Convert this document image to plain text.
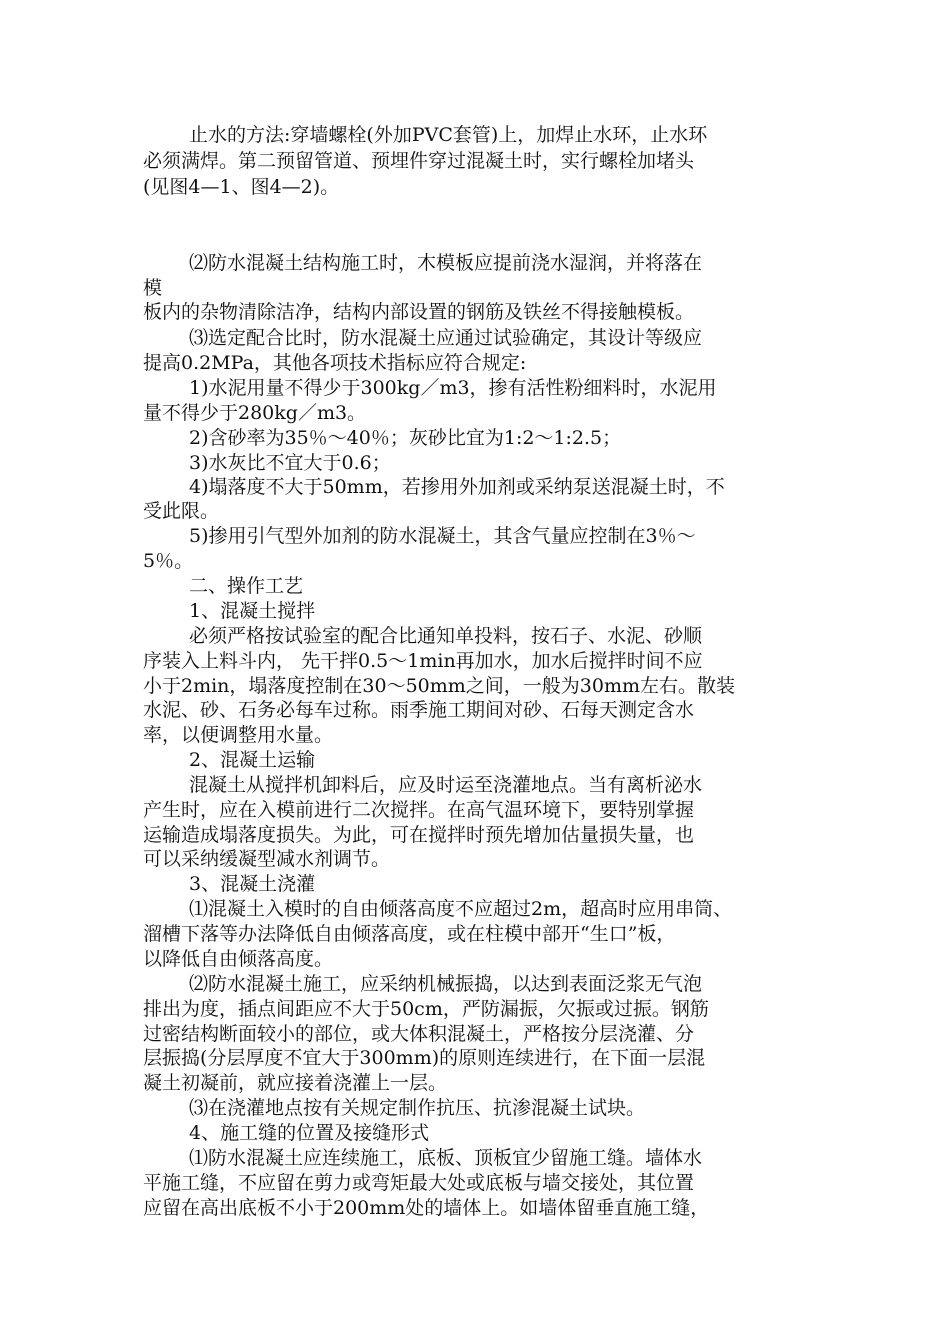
止水的方法:穿墙螺栓(外加PVC套管)上，加焊止水环，止水环

必须满焊。第二预留管道、预埋件穿过混凝土时，实行螺栓加堵头

(见图4—1、图4—2)。

⑵防水混凝土结构施工时，木模板应提前浇水湿润，并将落在

模

板内的杂物清除洁净，结构内部设置的钢筋及铁丝不得接触模板。

⑶选定配合比时，防水混凝土应通过试验确定，其设计等级应

提高0.2MPa，其他各项技术指标应符合规定:

1)水泥用量不得少于300kg／m3，掺有活性粉细料时，水泥用

量不得少于280kg／m3。

2)含砂率为35％～40％；灰砂比宜为1:2～1:2.5；

3)水灰比不宜大于0.6；

4)塌落度不大于50mm，若掺用外加剂或采纳泵送混凝土时，不

受此限。

5)掺用引气型外加剂的防水混凝土，其含气量应控制在3％～

5％。

二、操作工艺

1、混凝土搅拌

必须严格按试验室的配合比通知单投料，按石子、水泥、砂顺

序装入上料斗内， 先干拌0.5～1min再加水，加水后搅拌时间不应

小于2min，塌落度控制在30～50mm之间，一般为30mm左右。散装

水泥、砂、石务必每车过称。雨季施工期间对砂、石每天测定含水

率，以便调整用水量。

2、混凝土运输

混凝土从搅拌机卸料后，应及时运至浇灌地点。当有离析泌水

产生时，应在入模前进行二次搅拌。在高气温环境下，要特别掌握

运输造成塌落度损失。为此，可在搅拌时预先增加估量损失量，也

可以采纳缓凝型减水剂调节。

3、混凝土浇灌

⑴混凝土入模时的自由倾落高度不应超过2m，超高时应用串筒、

溜槽下落等办法降低自由倾落高度，或在柱模中部开“生口”板，

以降低自由倾落高度。

⑵防水混凝土施工，应采纳机械振捣，以达到表面泛浆无气泡

排出为度，插点间距应不大于50cm，严防漏振，欠振或过振。钢筋

过密结构断面较小的部位，或大体积混凝土，严格按分层浇灌、分

层振捣(分层厚度不宜大于300mm)的原则连续进行，在下面一层混

凝土初凝前，就应接着浇灌上一层。

⑶在浇灌地点按有关规定制作抗压、抗渗混凝土试块。

4、施工缝的位置及接缝形式

⑴防水混凝土应连续施工，底板、顶板宜少留施工缝。墙体水

平施工缝，不应留在剪力或弯矩最大处或底板与墙交接处，其位置

应留在高出底板不小于200mm处的墙体上。如墙体留垂直施工缝，
